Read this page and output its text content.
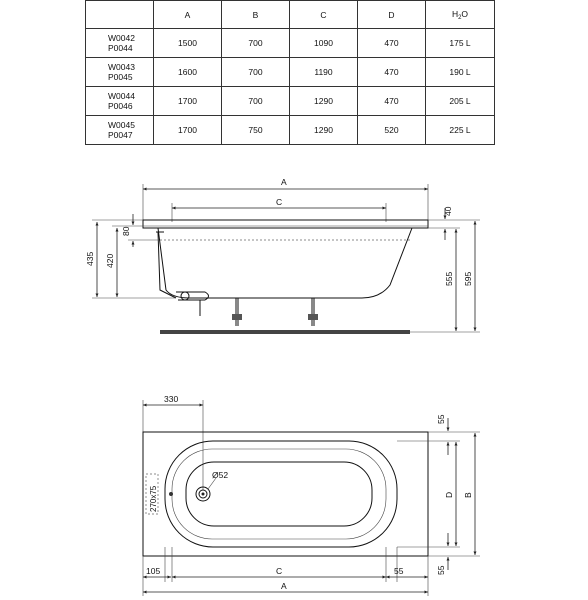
	A	B	C	D	$H_2O$
W0042
P0044	1500	700	1090	470	175 L
W0043
P0045	1600	700	1190	470	190 L
W0044
P0046	1700	700	1290	470	205 L
W0045
P0047	1700	750	1290	520	225 L
A
C
40
80
435 420
555 595
330
Ø52
270x75
55
D B
55
105	C	55
A
